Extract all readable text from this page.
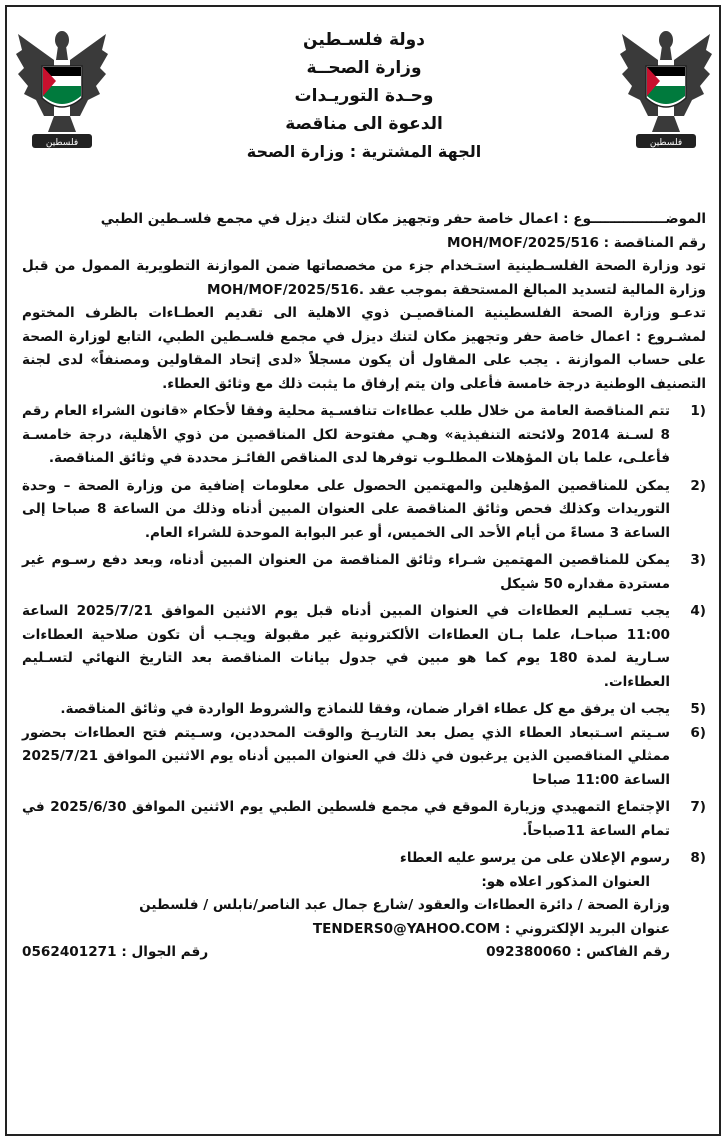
فلسطين
فلسطين
دولة فلسـطين
وزارة الصحــة
وحـدة التوريـدات
الدعوة الى مناقصة
الجهة المشترية : وزارة الصحة

الموضــــــــــــــــوع : اعمال خاصة حفر وتجهيز مكان لتنك ديزل في مجمع فلسـطين الطبي

رقم المناقصة : MOH/MOF/2025/516

تود وزارة الصحة الفلسـطينية استـخدام جزء من مخصصاتها ضمن الموازنة التطويرية الممول من قبل وزارة المالية لتسديد المبالغ المستحقة بموجب عقد MOH/MOF/2025/516.

تدعـو وزارة الصحة الفلسطينية المناقصيـن ذوي الاهلية الى تقديم العطـاءات بالظرف المختوم لمشـروع : اعمال خاصة حفر وتجهيز مكان لتنك ديزل في مجمع فلسـطين الطبي، التابع لوزارة الصحة على حساب الموازنة . يجب على المقاول أن يكون مسجلاً «لدى إتحاد المقاولين ومصنفاً» لدى لجنة التصنيف الوطنية درجة خامسة فأعلى وان يتم إرفاق ما يثبت ذلك مع وثائق العطاء.

1)
تتم المناقصة العامة من خلال طلب عطاءات تنافسـية محلية وفقا لأحكام «قانون الشراء العام رقم 8 لسـنة 2014 ولائحته التنفيذية» وهـي مفتوحة لكل المناقصين من ذوي الأهلية، درجة خامسـة فأعلـى، علما بان المؤهلات المطلـوب توفرها لدى المناقص الفائـز محددة في وثائق المناقصة.
2)
يمكن للمناقصين المؤهلين والمهتمين الحصول على معلومات إضافية من وزارة الصحة – وحدة التوريدات وكذلك فحص وثائق المناقصة على العنوان المبين أدناه وذلك من الساعة 8 صباحا إلى الساعة 3 مساءً من أيام الأحد الى الخميس، أو عبر البوابة الموحدة للشراء العام.
3)
يمكن للمناقصين المهتمين شـراء وثائق المناقصة من العنوان المبين أدناه، وبعد دفع رسـوم غير مستردة مقداره 50 شيكل
4)
يجب تسـليم العطاءات في العنوان المبين أدناه قبل يوم الاثنين الموافق 2025/7/21 الساعة 11:00 صباحـا، علما بـان العطاءات الألكترونية غير مقبولة ويجـب أن تكون صلاحية العطاءات سـارية لمدة 180 يوم كما هو مبين في جدول بيانات المناقصة بعد التاريخ النهائي لتسـليم العطاءات.
5)
يجب ان يرفق مع كل عطاء اقرار ضمان، وفقا للنماذج والشروط الواردة في وثائق المناقصة.
6)
سـيتم اسـتبعاد العطاء الذي يصل بعد التاريـخ والوقت المحددين، وسـيتم فتح العطاءات بحضور ممثلي المناقصين الذين يرغبون في ذلك في العنوان المبين أدناه يوم الاثنين الموافق 2025/7/21 الساعة 11:00 صباحا
7)
الإجتماع التمهيدي وزيارة الموقع في مجمع فلسطين الطبي يوم الاثنين الموافق 2025/6/30 في تمام الساعة 11صباحاً.
8)
رسوم الإعلان على من يرسو عليه العطاء

العنوان المذكور اعلاه هو:

وزارة الصحة / دائرة العطاءات والعقود /شارع جمال عبد الناصر/نابلس / فلسطين

عنوان البريد الإلكتروني : TENDERS0@YAHOO.COM

رقم الفاكس : 092380060
رقم الجوال : 0562401271
